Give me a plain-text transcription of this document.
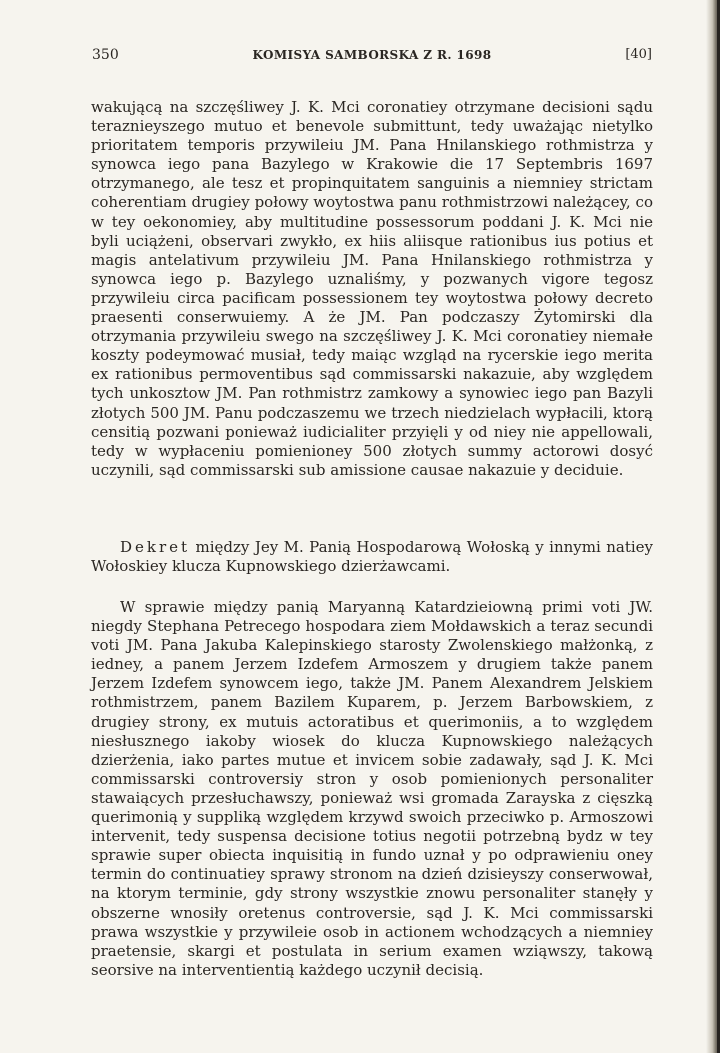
350	KOMISYA SAMBORSKA Z R. 1698	[40]
wakującą na szczęśliwey J. K. Mci coronatiey otrzymane decisioni sądu teraznieyszego mutuo et benevole submittunt, tedy uważając nietylko prioritatem temporis przywileiu JM. Pana Hnilanskiego rothmistrza y synowca iego pana Bazylego w Krakowie die 17 Septembris 1697 otrzymanego, ale tesz et propinquitatem sanguinis a niemniey strictam coherentiam drugiey połowy woytostwa panu rothmistrzowi należącey, co w tey oekonomiey, aby multitudine possessorum poddani J. K. Mci nie byli uciążeni, observari zwykło, ex hiis aliisque rationibus ius potius et magis antelativum przywileiu JM. Pana Hnilanskiego rothmistrza y synowca iego p. Bazylego uznaliśmy, y pozwanych vigore tegosz przywileiu circa pacificam possessionem tey woytostwa połowy decreto praesenti conserwuiemy. A że JM. Pan podczaszy Żytomirski dla otrzymania przywileiu swego na szczęśliwey J. K. Mci coronatiey niemałe koszty podeymować musiał, tedy maiąc wzgląd na rycerskie iego merita ex rationibus permoventibus sąd commissarski nakazuie, aby względem tych unkosztow JM. Pan rothmistrz zamkowy a synowiec iego pan Bazyli złotych 500 JM. Panu podczaszemu we trzech niedzielach wypłacili, ktorą censitią pozwani ponieważ iudicialiter przyięli y od niey nie appellowali, tedy w wypłaceniu pomienioney 500 złotych summy actorowi dosyć uczynili, sąd commissarski sub amissione causae nakazuie y deciduie.
Dekret między Jey M. Panią Hospodarową Wołoską y innymi natiey Wołoskiey klucza Kupnowskiego dzierżawcami.
W sprawie między panią Maryanną Katardzieiowną primi voti JW. niegdy Stephana Petrecego hospodara ziem Mołdawskich a teraz secundi voti JM. Pana Jakuba Kalepinskiego starosty Zwolenskiego małżonką, z iedney, a panem Jerzem Izdefem Armoszem y drugiem także panem Jerzem Izdefem synowcem iego, także JM. Panem Alexandrem Jelskiem rothmistrzem, panem Bazilem Kuparem, p. Jerzem Barbowskiem, z drugiey strony, ex mutuis actoratibus et querimoniis, a to względem niesłusznego iakoby wiosek do klucza Kupnowskiego należących dzierżenia, iako partes mutue et invicem sobie zadawały, sąd J. K. Mci commissarski controversiy stron y osob pomienionych personaliter stawaiących przesłuchawszy, ponieważ wsi gromada Zarayska z cięszką querimonią y suppliką względem krzywd swoich przeciwko p. Armoszowi intervenit, tedy suspensa decisione totius negotii potrzebną bydz w tey sprawie super obiecta inquisitią in fundo uznał y po odprawieniu oney termin do continuatiey sprawy stronom na dzień dzisieyszy conserwował, na ktorym terminie, gdy strony wszystkie znowu personaliter stanęły y obszerne wnosiły oretenus controversie, sąd J. K. Mci commissarski prawa wszystkie y przywileie osob in actionem wchodzących a niemniey praetensie, skargi et postulata in serium examen wziąwszy, takową seorsive na interventientią każdego uczynił decisią.
